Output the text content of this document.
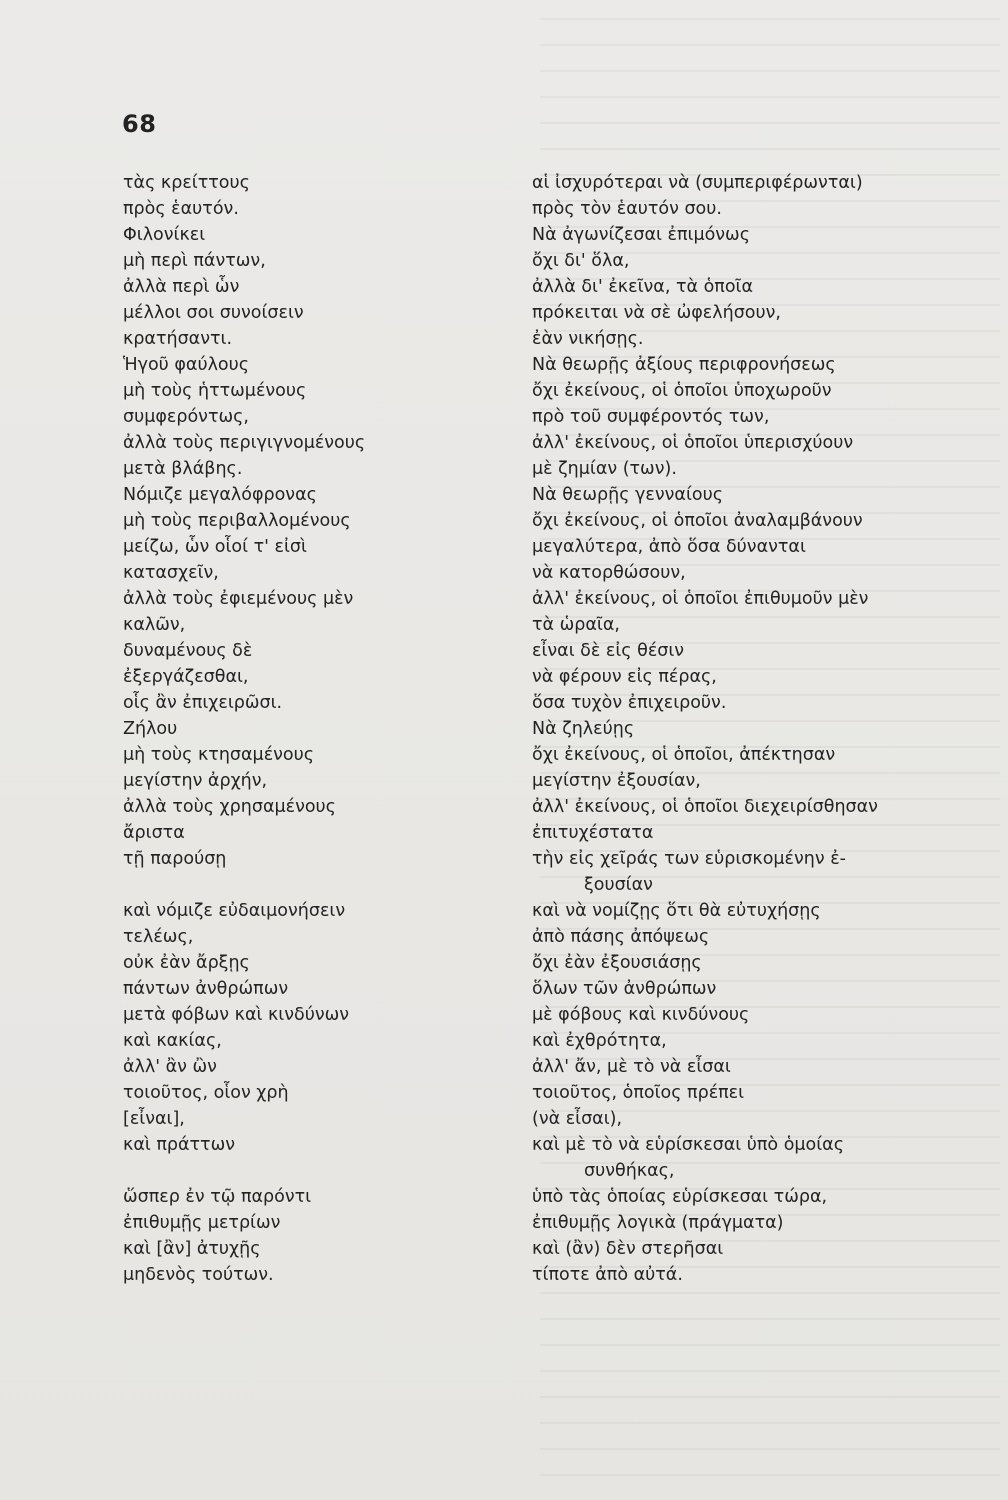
68
τὰς κρείττους
πρὸς ἑαυτόν.
Φιλονίκει
μὴ περὶ πάντων,
ἀλλὰ περὶ ὧν
μέλλοι σοι συνοίσειν
κρατήσαντι.
Ἡγοῦ φαύλους
μὴ τοὺς ἡττωμένους
συμφερόντως,
ἀλλὰ τοὺς περιγιγνομένους
μετὰ βλάβης.
Νόμιζε μεγαλόφρονας
μὴ τοὺς περιβαλλομένους
μείζω, ὧν οἷοί τ' εἰσὶ
κατασχεῖν,
ἀλλὰ τοὺς ἐφιεμένους μὲν
καλῶν,
δυναμένους δὲ
ἐξεργάζεσθαι,
οἷς ἂν ἐπιχειρῶσι.
Ζήλου
μὴ τοὺς κτησαμένους
μεγίστην ἀρχήν,
ἀλλὰ τοὺς χρησαμένους
ἄριστα
τῇ παρούσῃ
καὶ νόμιζε εὐδαιμονήσειν
τελέως,
οὐκ ἐὰν ἄρξῃς
πάντων ἀνθρώπων
μετὰ φόβων καὶ κινδύνων
καὶ κακίας,
ἀλλ' ἂν ὢν
τοιοῦτος, οἷον χρὴ
[εἶναι],
καὶ πράττων
ὥσπερ ἐν τῷ παρόντι
ἐπιθυμῇς μετρίων
καὶ [ἂν] ἀτυχῇς
μηδενὸς τούτων.
αἱ ἰσχυρότεραι νὰ (συμπεριφέρωνται)
πρὸς τὸν ἑαυτόν σου.
Νὰ ἀγωνίζεσαι ἐπιμόνως
ὄχι δι' ὅλα,
ἀλλὰ δι' ἐκεῖνα, τὰ ὁποῖα
πρόκειται νὰ σὲ ὠφελήσουν,
ἐὰν νικήσῃς.
Νὰ θεωρῇς ἀξίους περιφρονήσεως
ὄχι ἐκείνους, οἱ ὁποῖοι ὑποχωροῦν
πρὸ τοῦ συμφέροντός των,
ἀλλ' ἐκείνους, οἱ ὁποῖοι ὑπερισχύουν
μὲ ζημίαν (των).
Νὰ θεωρῇς γενναίους
ὄχι ἐκείνους, οἱ ὁποῖοι ἀναλαμβάνουν
μεγαλύτερα, ἀπὸ ὅσα δύνανται
νὰ κατορθώσουν,
ἀλλ' ἐκείνους, οἱ ὁποῖοι ἐπιθυμοῦν μὲν
τὰ ὡραῖα,
εἶναι δὲ εἰς θέσιν
νὰ φέρουν εἰς πέρας,
ὅσα τυχὸν ἐπιχειροῦν.
Νὰ ζηλεύῃς
ὄχι ἐκείνους, οἱ ὁποῖοι, ἀπέκτησαν
μεγίστην ἐξουσίαν,
ἀλλ' ἐκείνους, οἱ ὁποῖοι διεχειρίσθησαν
ἐπιτυχέστατα
τὴν εἰς χεῖράς των εὑρισκομένην ἐ-
ξουσίαν
καὶ νὰ νομίζῃς ὅτι θὰ εὐτυχήσῃς
ἀπὸ πάσης ἀπόψεως
ὄχι ἐὰν ἐξουσιάσῃς
ὅλων τῶν ἀνθρώπων
μὲ φόβους καὶ κινδύνους
καὶ ἐχθρότητα,
ἀλλ' ἄν, μὲ τὸ νὰ εἶσαι
τοιοῦτος, ὁποῖος πρέπει
(νὰ εἶσαι),
καὶ μὲ τὸ νὰ εὑρίσκεσαι ὑπὸ ὁμοίας
συνθήκας,
ὑπὸ τὰς ὁποίας εὑρίσκεσαι τώρα,
ἐπιθυμῇς λογικὰ (πράγματα)
καὶ (ἂν) δὲν στερῆσαι
τίποτε ἀπὸ αὐτά.
